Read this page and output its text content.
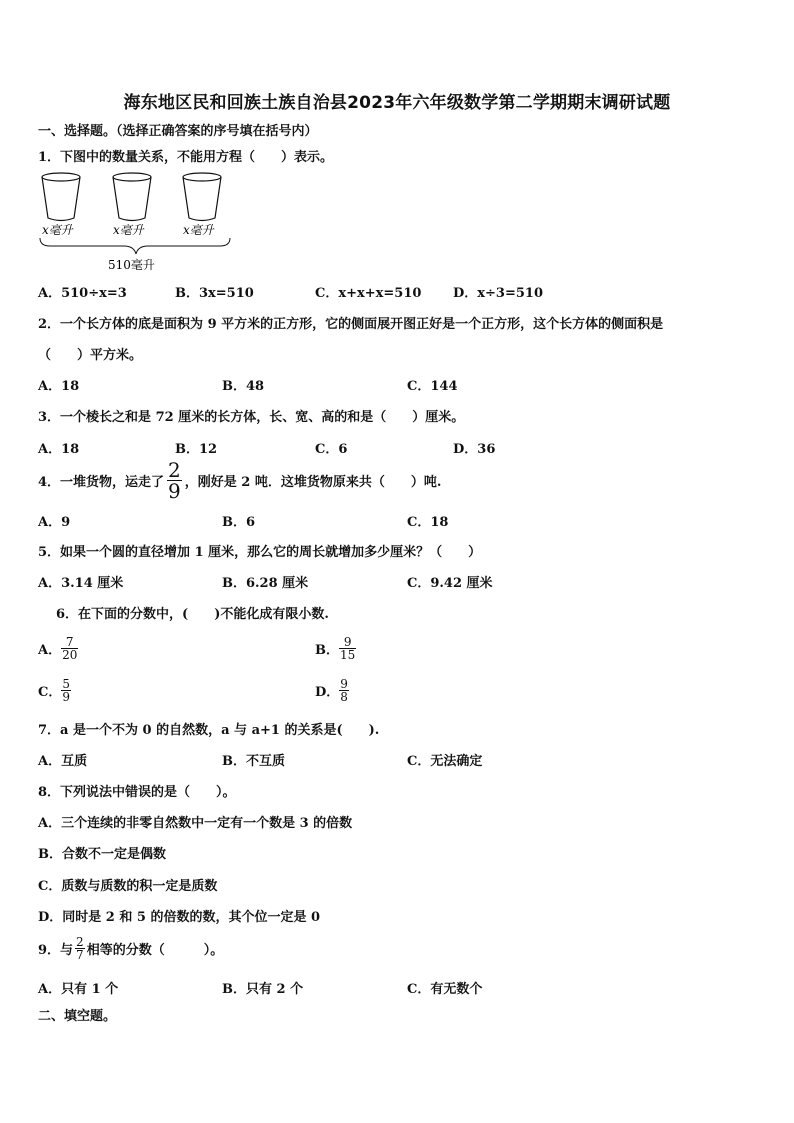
海东地区民和回族土族自治县2023年六年级数学第二学期期末调研试题
一、选择题。（选择正确答案的序号填在括号内）
1．下图中的数量关系，不能用方程（　　）表示。
x毫升	x毫升	x毫升
510毫升
A．510÷x=3	B．3x=510	C．x+x+x=510 D．x÷3=510
2．一个长方体的底是面积为 9 平方米的正方形，它的侧面展开图正好是一个正方形，这个长方体的侧面积是
（　　）平方米。
A．18	B．48	C．144
3．一个棱长之和是 72 厘米的长方体，长、宽、高的和是（　　）厘米。
A．18	B．12	C．6	D．36
4．一堆货物，运走了 $\frac{2}{9}$ ，刚好是 2 吨．这堆货物原来共（　　）吨.
A．9	B．6	C．18
5．如果一个圆的直径增加 1 厘米，那么它的周长就增加多少厘米？（　　）
A．3.14 厘米	B．6.28 厘米	C．9.42 厘米
6．在下面的分数中，(　　)不能化成有限小数.
A． $\frac{7}{20}$	B． $\frac{9}{15}$
C． $\frac{5}{9}$	D． $\frac{9}{8}$
7．a 是一个不为 0 的自然数，a 与 a+1 的关系是(　　).
A．互质	B．不互质	C．无法确定
8．下列说法中错误的是（　　）。
A．三个连续的非零自然数中一定有一个数是 3 的倍数
B．合数不一定是偶数
C．质数与质数的积一定是质数
D．同时是 2 和 5 的倍数的数，其个位一定是 0
9．与 $\frac{2}{7}$ 相等的分数（　　　）。
A．只有 1 个	B．只有 2 个	C．有无数个
二、填空题。
